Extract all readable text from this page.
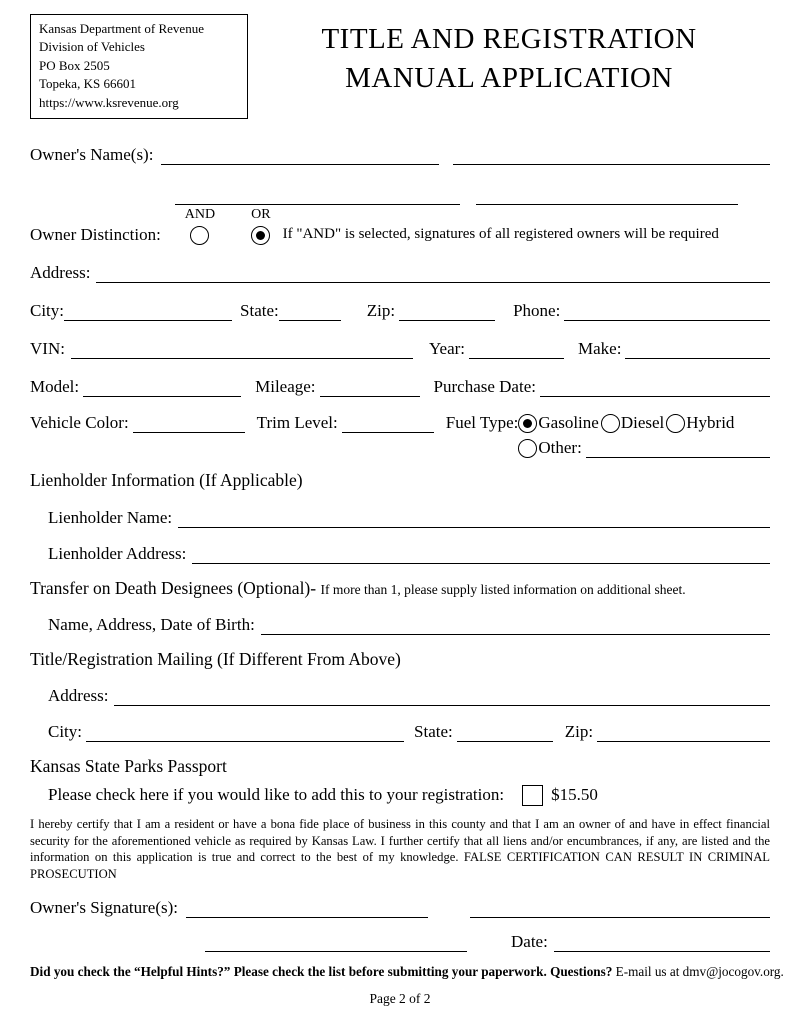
Kansas Department of Revenue
Division of Vehicles
PO Box 2505
Topeka, KS 66601
https://www.ksrevenue.org
TITLE AND REGISTRATION
MANUAL APPLICATION
Owner's Name(s):
Owner Distinction:
AND	OR
If "AND" is selected, signatures of all registered owners will be required
Address:
City:	State:	Zip:	Phone:
VIN:	Year:	Make:
Model:	Mileage:	Purchase Date:
Vehicle Color:	Trim Level:	Fuel Type: Gasoline Diesel Hybrid
Other:
Lienholder Information (If Applicable)
Lienholder Name:
Lienholder Address:
Transfer on Death Designees (Optional)- If more than 1, please supply listed information on additional sheet.
Name, Address, Date of Birth:
Title/Registration Mailing (If Different From Above)
Address:
City:	State:	Zip:
Kansas State Parks Passport
Please check here if you would like to add this to your registration:	$15.50
I hereby certify that I am a resident or have a bona fide place of business in this county and that I am an owner of and have in effect financial security for the aforementioned vehicle as required by Kansas Law. I further certify that all liens and/or encumbrances, if any, are listed and the information on this application is true and correct to the best of my knowledge. FALSE CERTIFICATION CAN RESULT IN CRIMINAL PROSECUTION
Owner's Signature(s):
Date:
Did you check the “Helpful Hints?” Please check the list before submitting your paperwork. Questions? E-mail us at dmv@jocogov.org.
Page 2 of 2
